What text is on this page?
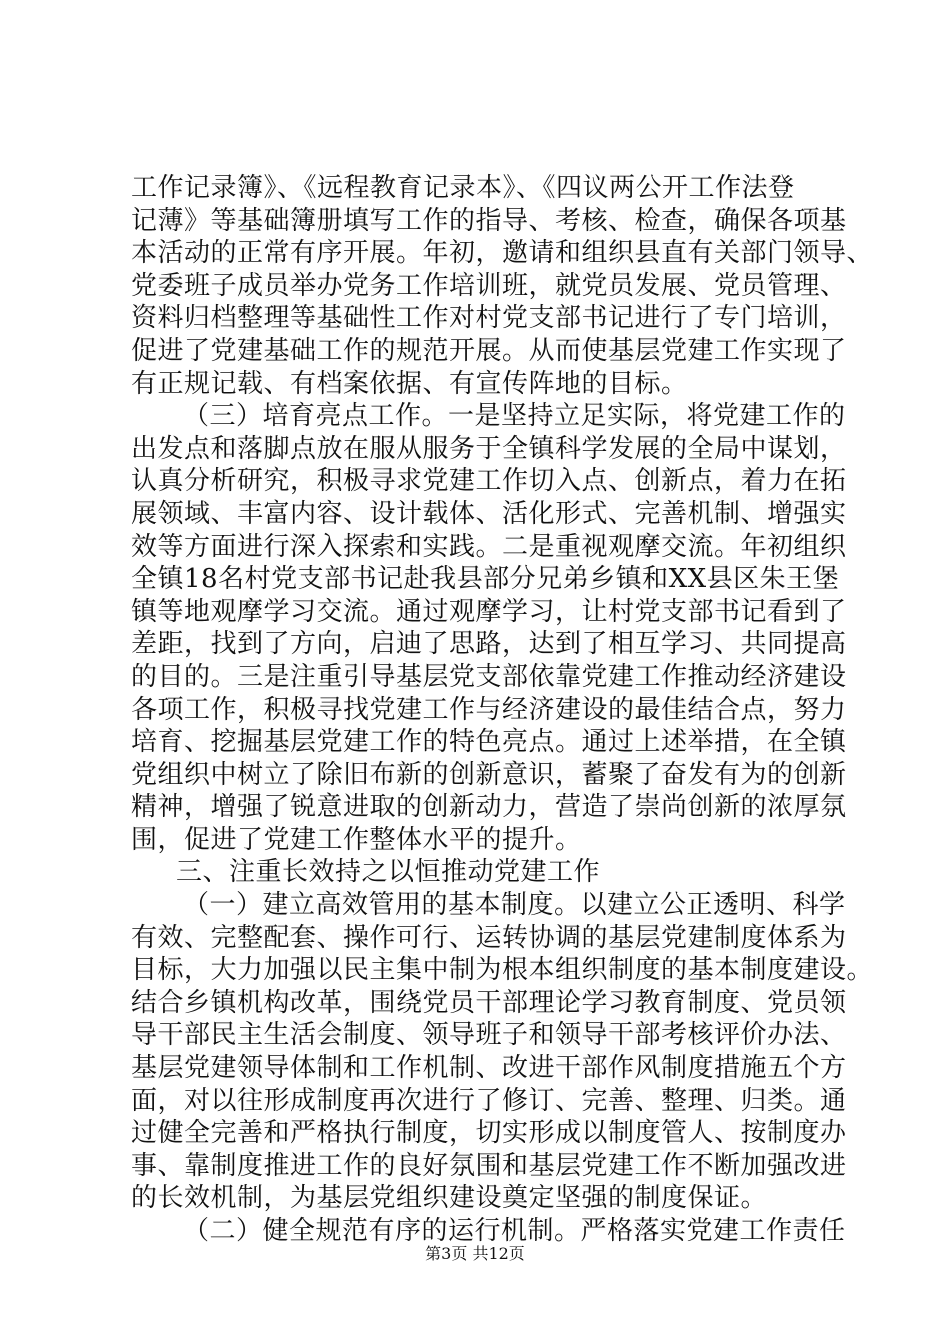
工作记录簿》、《远程教育记录本》、《四议两公开工作法登
记薄》等基础簿册填写工作的指导、考核、检查，确保各项基
本活动的正常有序开展。年初，邀请和组织县直有关部门领导、
党委班子成员举办党务工作培训班，就党员发展、党员管理、
资料归档整理等基础性工作对村党支部书记进行了专门培训，
促进了党建基础工作的规范开展。从而使基层党建工作实现了
有正规记载、有档案依据、有宣传阵地的目标。
（三）培育亮点工作。一是坚持立足实际，将党建工作的
出发点和落脚点放在服从服务于全镇科学发展的全局中谋划，
认真分析研究，积极寻求党建工作切入点、创新点，着力在拓
展领域、丰富内容、设计载体、活化形式、完善机制、增强实
效等方面进行深入探索和实践。二是重视观摩交流。年初组织
全镇18名村党支部书记赴我县部分兄弟乡镇和XX县区朱王堡
镇等地观摩学习交流。通过观摩学习，让村党支部书记看到了
差距，找到了方向，启迪了思路，达到了相互学习、共同提高
的目的。三是注重引导基层党支部依靠党建工作推动经济建设
各项工作，积极寻找党建工作与经济建设的最佳结合点，努力
培育、挖掘基层党建工作的特色亮点。通过上述举措，在全镇
党组织中树立了除旧布新的创新意识，蓄聚了奋发有为的创新
精神，增强了锐意进取的创新动力，营造了崇尚创新的浓厚氛
围，促进了党建工作整体水平的提升。
三、注重长效持之以恒推动党建工作
（一）建立高效管用的基本制度。以建立公正透明、科学
有效、完整配套、操作可行、运转协调的基层党建制度体系为
目标，大力加强以民主集中制为根本组织制度的基本制度建设。
结合乡镇机构改革，围绕党员干部理论学习教育制度、党员领
导干部民主生活会制度、领导班子和领导干部考核评价办法、
基层党建领导体制和工作机制、改进干部作风制度措施五个方
面，对以往形成制度再次进行了修订、完善、整理、归类。通
过健全完善和严格执行制度，切实形成以制度管人、按制度办
事、靠制度推进工作的良好氛围和基层党建工作不断加强改进
的长效机制，为基层党组织建设奠定坚强的制度保证。
（二）健全规范有序的运行机制。严格落实党建工作责任
第3页 共12页
